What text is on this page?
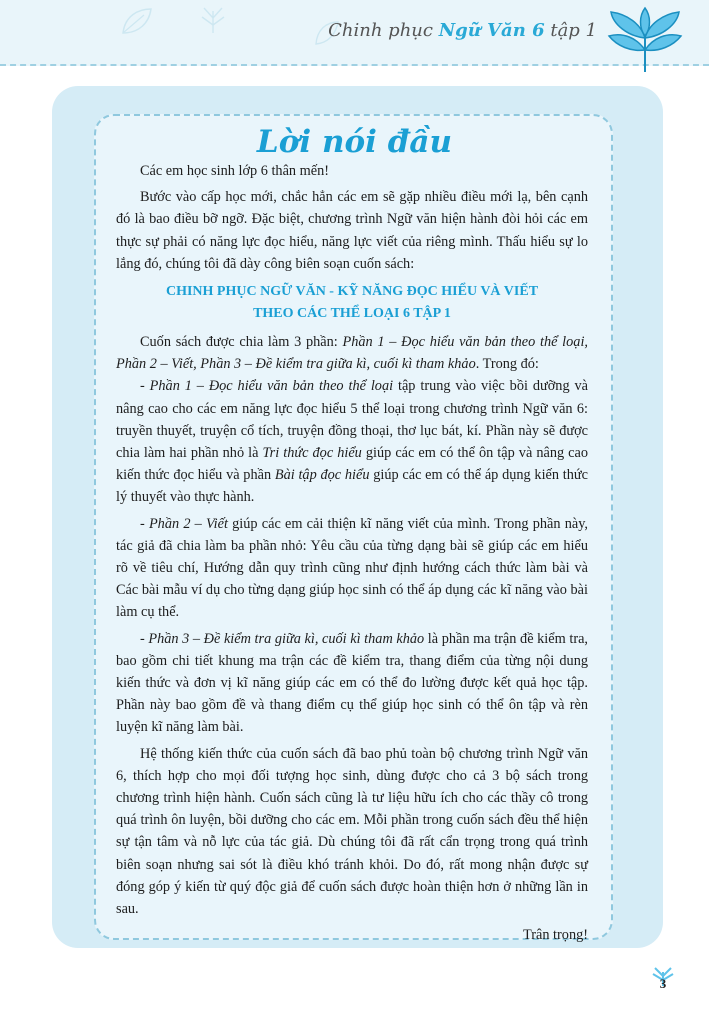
Chinh phục Ngữ Văn 6 tập 1
Lời nói đầu

Các em học sinh lớp 6 thân mến!

Bước vào cấp học mới, chắc hẳn các em sẽ gặp nhiều điều mới lạ, bên cạnh đó là bao điều bỡ ngỡ. Đặc biệt, chương trình Ngữ văn hiện hành đòi hỏi các em thực sự phải có năng lực đọc hiểu, năng lực viết của riêng mình. Thấu hiểu sự lo lắng đó, chúng tôi đã dày công biên soạn cuốn sách:

CHINH PHỤC NGỮ VĂN - KỸ NĂNG ĐỌC HIỂU VÀ VIẾT
THEO CÁC THỂ LOẠI 6 TẬP 1

Cuốn sách được chia làm 3 phần: Phần 1 – Đọc hiểu văn bản theo thể loại, Phần 2 – Viết, Phần 3 – Đề kiểm tra giữa kì, cuối kì tham khảo. Trong đó:

- Phần 1 – Đọc hiểu văn bản theo thể loại tập trung vào việc bồi dưỡng và nâng cao cho các em năng lực đọc hiểu 5 thể loại trong chương trình Ngữ văn 6: truyền thuyết, truyện cổ tích, truyện đồng thoại, thơ lục bát, kí. Phần này sẽ được chia làm hai phần nhỏ là Tri thức đọc hiểu giúp các em có thể ôn tập và nâng cao kiến thức đọc hiểu và phần Bài tập đọc hiểu giúp các em có thể áp dụng kiến thức lý thuyết vào thực hành.

- Phần 2 – Viết giúp các em cải thiện kĩ năng viết của mình. Trong phần này, tác giả đã chia làm ba phần nhỏ: Yêu cầu của từng dạng bài sẽ giúp các em hiểu rõ về tiêu chí, Hướng dẫn quy trình cũng như định hướng cách thức làm bài và Các bài mẫu ví dụ cho từng dạng giúp học sinh có thể áp dụng các kĩ năng vào bài làm cụ thể.

- Phần 3 – Đề kiểm tra giữa kì, cuối kì tham khảo là phần ma trận đề kiểm tra, bao gồm chi tiết khung ma trận các đề kiểm tra, thang điểm của từng nội dung kiến thức và đơn vị kĩ năng giúp các em có thể đo lường được kết quả học tập. Phần này bao gồm đề và thang điểm cụ thể giúp học sinh có thể ôn tập và rèn luyện kĩ năng làm bài.

Hệ thống kiến thức của cuốn sách đã bao phủ toàn bộ chương trình Ngữ văn 6, thích hợp cho mọi đối tượng học sinh, dùng được cho cả 3 bộ sách trong chương trình hiện hành. Cuốn sách cũng là tư liệu hữu ích cho các thầy cô trong quá trình ôn luyện, bồi dưỡng cho các em. Mỗi phần trong cuốn sách đều thể hiện sự tận tâm và nỗ lực của tác giả. Dù chúng tôi đã rất cẩn trọng trong quá trình biên soạn nhưng sai sót là điều khó tránh khỏi. Do đó, rất mong nhận được sự đóng góp ý kiến từ quý độc giả để cuốn sách được hoàn thiện hơn ở những lần in sau.

Trân trọng!

3
